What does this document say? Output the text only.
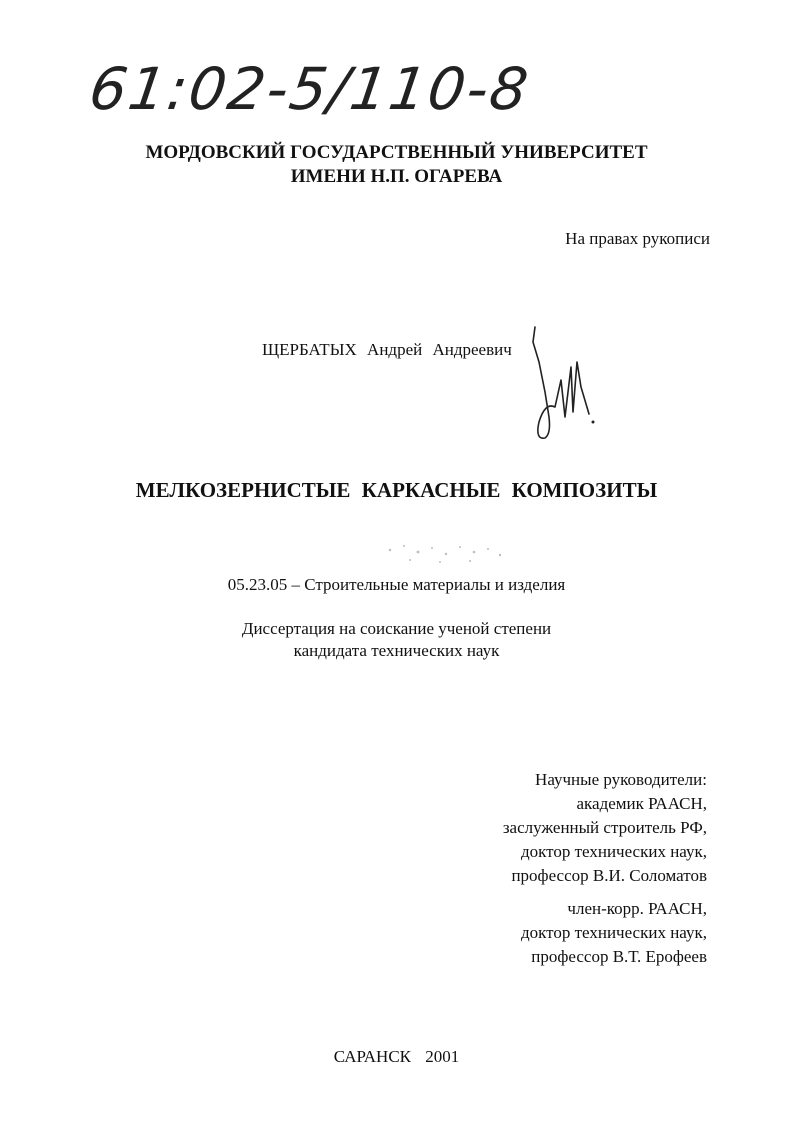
61:02-5/110-8
МОРДОВСКИЙ ГОСУДАРСТВЕННЫЙ УНИВЕРСИТЕТ
ИМЕНИ Н.П. ОГАРЕВА
На правах рукописи
ЩЕРБАТЫХ Андрей Андреевич
МЕЛКОЗЕРНИСТЫЕ КАРКАСНЫЕ КОМПОЗИТЫ
05.23.05 – Строительные материалы и изделия
Диссертация на соискание ученой степени
кандидата технических наук
Научные руководители:
академик РААСН,
заслуженный строитель РФ,
доктор технических наук,
профессор В.И. Соломатов
член-корр. РААСН,
доктор технических наук,
профессор В.Т. Ерофеев
САРАНСК 2001
